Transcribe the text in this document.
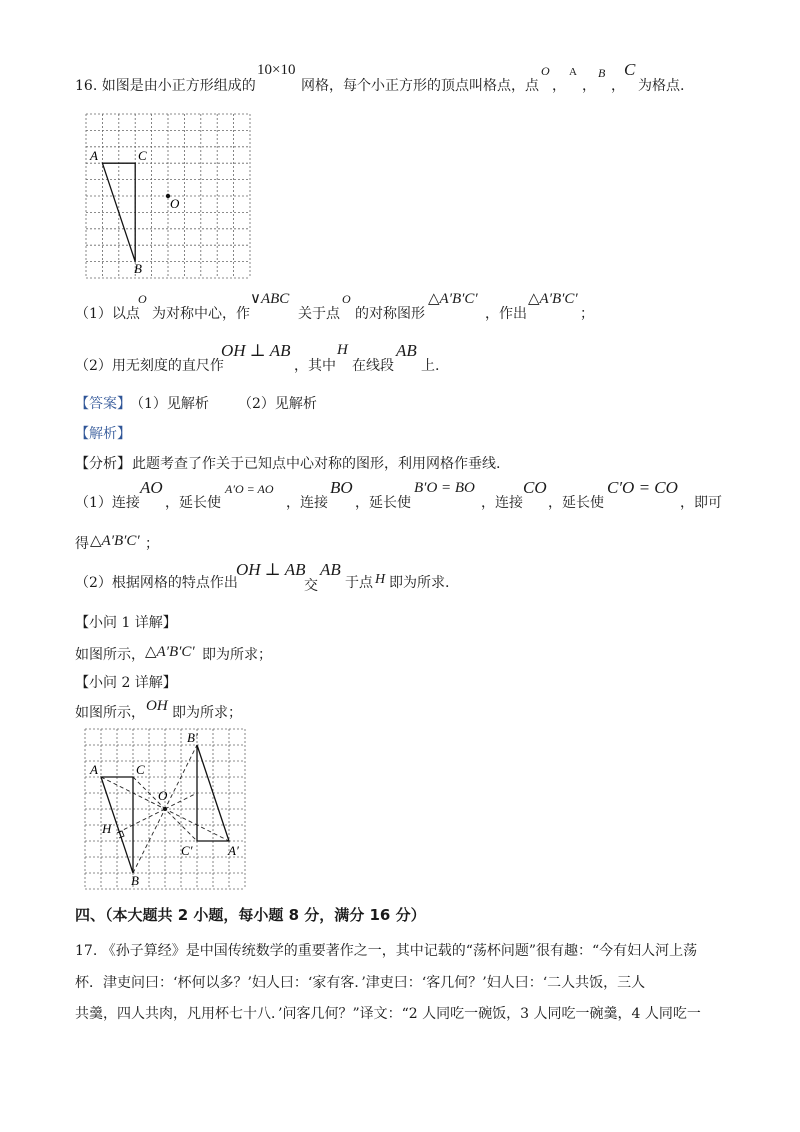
16. 如图是由小正方形组成的
10×10
网格，每个小正方形的顶点叫格点，点
O
，
A
，
B
，
C
为格点.
A	C
O
B
（1）以点
O
为对称中心，作
∨ABC
关于点
O
的对称图形
△A′B′C′
，作出
△A′B′C′
；
（2）用无刻度的直尺作
OH ⊥ AB
，其中
H
在线段
AB
上.
【答案】 （1）见解析 （2）见解析
【解析】
【分析】 此题考查了作关于已知点中心对称的图形，利用网格作垂线.
（1）连接
AO
，延长使
A′O = AO
，连接
BO
，延长使
B′O = BO
，连接
CO
，延长使
C′O = CO
，即可
得 △A′B′C′ ；
（2）根据网格的特点作出
OH ⊥ AB
交
AB
于点 H 即为所求.
【小问 1 详解】
如图所示， △A′B′C′ 即为所求；
【小问 2 详解】
如图所示， OH 即为所求；
A	C
O
H
B
B′
C′	A′
四、（本大题共 2 小题，每小题 8 分，满分 16 分）
17. 《孙子算经》是中国传统数学的重要著作之一，其中记载的“荡杯问题”很有趣：“今有妇人河上荡
杯．津吏问曰：‘杯何以多？’妇人曰：‘家有客．’津吏曰：‘客几何？’妇人曰：‘二人共饭，三人
共羹，四人共肉，凡用杯七十八．’问客几何？”译文：“2 人同吃一碗饭，3 人同吃一碗羹，4 人同吃一
